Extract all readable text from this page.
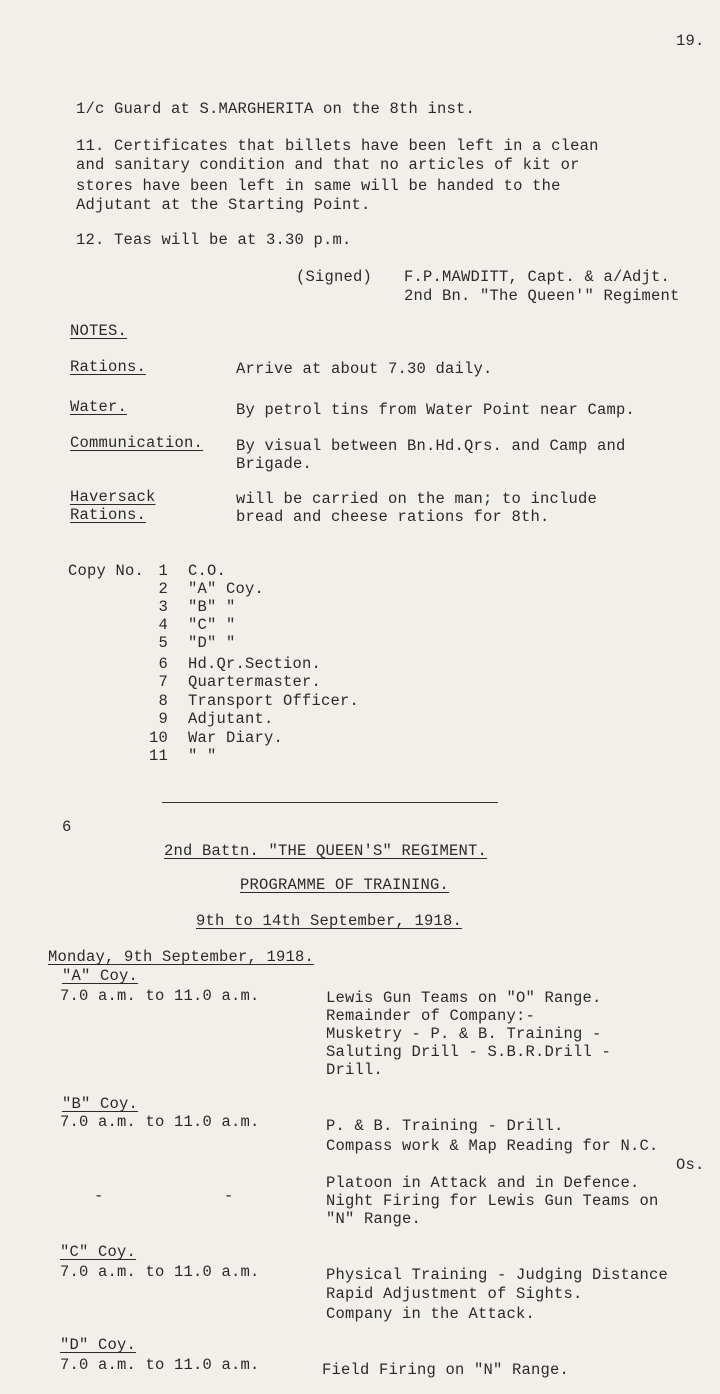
19.
1/c Guard at S.MARGHERITA on the 8th inst.
11. Certificates that billets have been left in a clean
and sanitary condition and that no articles of kit or
stores have been left in same will be handed to the
Adjutant at the Starting Point.
12. Teas will be at 3.30 p.m.
(Signed) F.P.MAWDITT, Capt. & a/Adjt.
2nd Bn. "The Queen'" Regiment
NOTES.
Rations.	Arrive at about 7.30 daily.
Water.	By petrol tins from Water Point near Camp.
Communication. By visual between Bn.Hd.Qrs. and Camp and
Brigade.
Haversack
Rations.
will be carried on the man; to include
bread and cheese rations for 8th.
Copy No. 1 C.O.
2 "A" Coy.
3 "B" "
4 "C" "
5 "D" "
6 Hd.Qr.Section.
7 Quartermaster.
8 Transport Officer.
9 Adjutant.
10 War Diary.
11 " "
6
2nd Battn. "THE QUEEN'S" REGIMENT.
PROGRAMME OF TRAINING.
9th to 14th September, 1918.
Monday, 9th September, 1918.
"A" Coy.
7.0 a.m. to 11.0 a.m.	Lewis Gun Teams on "O" Range.
Remainder of Company:-
Musketry - P. & B. Training -
Saluting Drill - S.B.R.Drill -
Drill.
"B" Coy.
7.0 a.m. to 11.0 a.m.	P. & B. Training - Drill.
Compass work & Map Reading for N.C.
Os.
Platoon in Attack and in Defence.
Night Firing for Lewis Gun Teams on
"N" Range.
-	-
"C" Coy.
7.0 a.m. to 11.0 a.m.	Physical Training - Judging Distance
Rapid Adjustment of Sights.
Company in the Attack.
"D" Coy.
7.0 a.m. to 11.0 a.m.	Field Firing on "N" Range.
